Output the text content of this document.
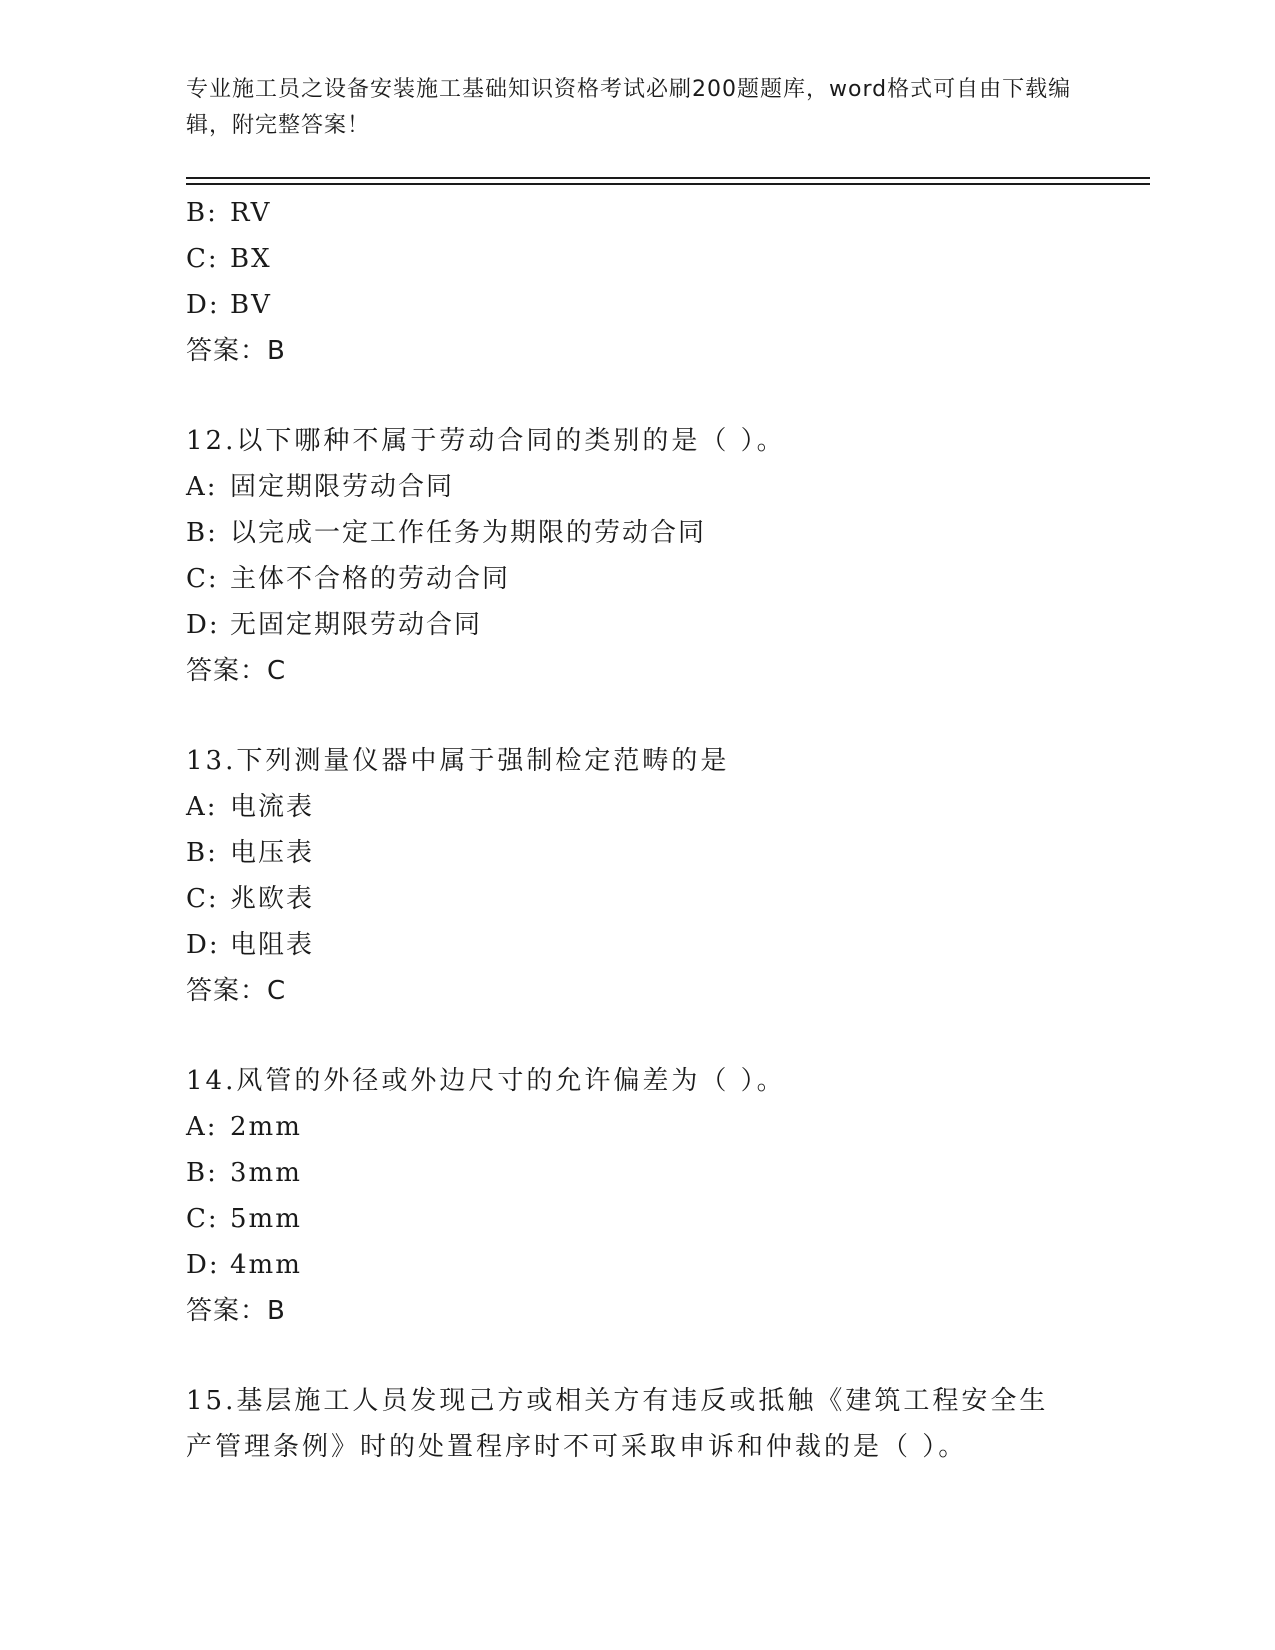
专业施工员之设备安装施工基础知识资格考试必刷200题题库，word格式可自由下载编辑，附完整答案！
B: RV
C: BX
D: BV
答案：B
12.以下哪种不属于劳动合同的类别的是（ ）。
A: 固定期限劳动合同
B: 以完成一定工作任务为期限的劳动合同
C: 主体不合格的劳动合同
D: 无固定期限劳动合同
答案：C
13.下列测量仪器中属于强制检定范畴的是
A: 电流表
B: 电压表
C: 兆欧表
D: 电阻表
答案：C
14.风管的外径或外边尺寸的允许偏差为（ ）。
A: 2mm
B: 3mm
C: 5mm
D: 4mm
答案：B
15.基层施工人员发现己方或相关方有违反或抵触《建筑工程安全生产管理条例》时的处置程序时不可采取申诉和仲裁的是（ ）。
